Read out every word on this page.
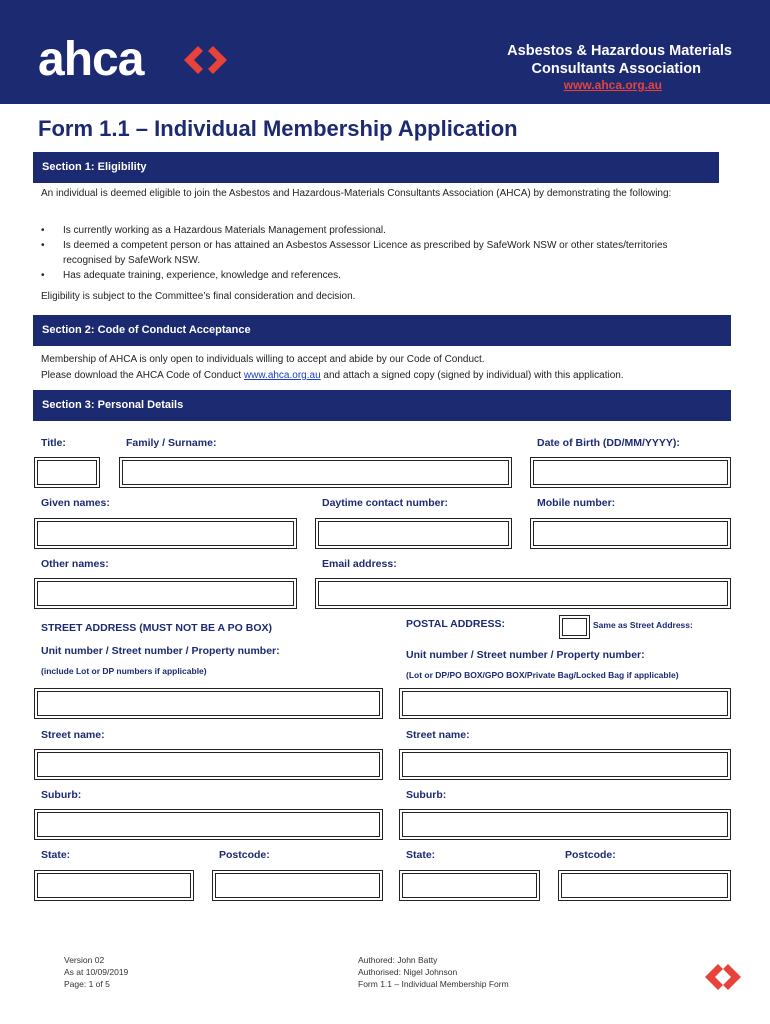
ahca	Asbestos & Hazardous Materials
Consultants Association
www.ahca.org.au
Form 1.1 – Individual Membership Application
Section 1: Eligibility
An individual is deemed eligible to join the Asbestos and Hazardous-Materials Consultants Association (AHCA) by demonstrating the following:
•	Is currently working as a Hazardous Materials Management professional.
•	Is deemed a competent person or has attained an Asbestos Assessor Licence as prescribed by SafeWork NSW or other states/territories recognised by SafeWork NSW.
•	Has adequate training, experience, knowledge and references.
Eligibility is subject to the Committee’s final consideration and decision.
Section 2: Code of Conduct Acceptance
Membership of AHCA is only open to individuals willing to accept and abide by our Code of Conduct.
Please download the AHCA Code of Conduct www.ahca.org.au and attach a signed copy (signed by individual) with this application.
Section 3: Personal Details
Title:	Family / Surname:	Date of Birth (DD/MM/YYYY):
Given names:	Daytime contact number:	Mobile number:
Other names:	Email address:
STREET ADDRESS (MUST NOT BE A PO BOX)	POSTAL ADDRESS:	Same as Street Address:
Unit number / Street number / Property number:	Unit number / Street number / Property number:
(include Lot or DP numbers if applicable)	(Lot or DP/PO BOX/GPO BOX/Private Bag/Locked Bag if applicable)
Street name:	Street name:
Suburb:	Suburb:
State:	Postcode:	State:	Postcode:
Version 02
As at 10/09/2019
Page: 1 of 5
Authored: John Batty
Authorised: Nigel Johnson
Form 1.1 – Individual Membership Form
